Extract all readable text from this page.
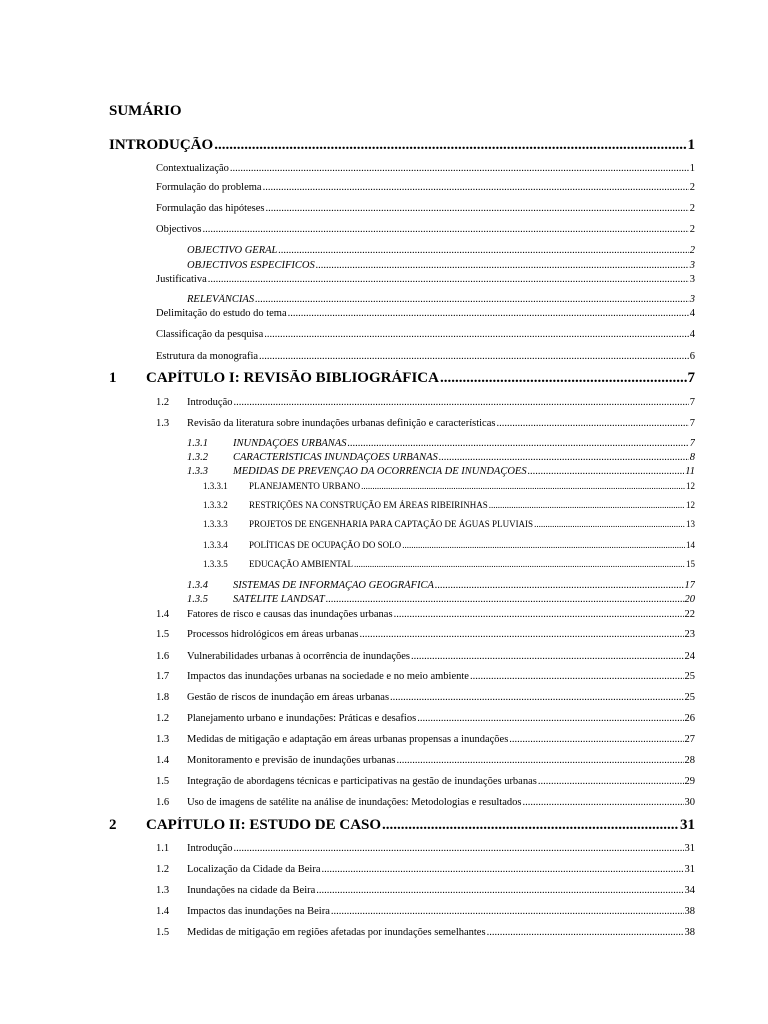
SUMÁRIO
INTRODUÇÃO .....	1
Contextualização .....	1
Formulação do problema .....	2
Formulação das hipóteses .....	2
Objectivos .....	2
OBJECTIVO GERAL .....	2
OBJECTIVOS ESPECÍFICOS .....	3
Justificativa .....	3
RELEVÂNCIAS .....	3
Delimitação do estudo do tema .....	4
Classificação da pesquisa .....	4
Estrutura da monografia .....	6
1	CAPÍTULO I: REVISÃO BIBLIOGRÁFICA .....	7
1.2	Introdução .....	7
1.3	Revisão da literatura sobre inundações urbanas definição e características .....	7
1.3.1	INUNDAÇÕES URBANAS .....	7
1.3.2	CARACTERÍSTICAS INUNDAÇÕES URBANAS .....	8
1.3.3	MEDIDAS DE PREVENÇÃO DA OCORRÊNCIA DE INUNDAÇÕES .....	11
1.3.3.1	PLANEJAMENTO URBANO .....	12
1.3.3.2	RESTRIÇÕES NA CONSTRUÇÃO EM ÁREAS RIBEIRINHAS .....	12
1.3.3.3	PROJETOS DE ENGENHARIA PARA CAPTAÇÃO DE ÁGUAS PLUVIAIS .....	13
1.3.3.4	POLÍTICAS DE OCUPAÇÃO DO SOLO .....	14
1.3.3.5	EDUCAÇÃO AMBIENTAL .....	15
1.3.4	SISTEMAS DE INFORMAÇÃO GEOGRÁFICA .....	17
1.3.5	SATÉLITE LANDSAT .....	20
1.4	Fatores de risco e causas das inundações urbanas .....	22
1.5	Processos hidrológicos em áreas urbanas .....	23
1.6	Vulnerabilidades urbanas à ocorrência de inundações .....	24
1.7	Impactos das inundações urbanas na sociedade e no meio ambiente .....	25
1.8	Gestão de riscos de inundação em áreas urbanas .....	25
1.2	Planejamento urbano e inundações: Práticas e desafios .....	26
1.3	Medidas de mitigação e adaptação em áreas urbanas propensas a inundações .....	27
1.4	Monitoramento e previsão de inundações urbanas .....	28
1.5	Integração de abordagens técnicas e participativas na gestão de inundações urbanas .....	29
1.6	Uso de imagens de satélite na análise de inundações: Metodologias e resultados .....	30
2	CAPÍTULO II: ESTUDO DE CASO .....	31
1.1	Introdução .....	31
1.2	Localização da Cidade da Beira .....	31
1.3	Inundações na cidade da Beira .....	34
1.4	Impactos das inundações na Beira .....	38
1.5	Medidas de mitigação em regiões afetadas por inundações semelhantes .....	38
